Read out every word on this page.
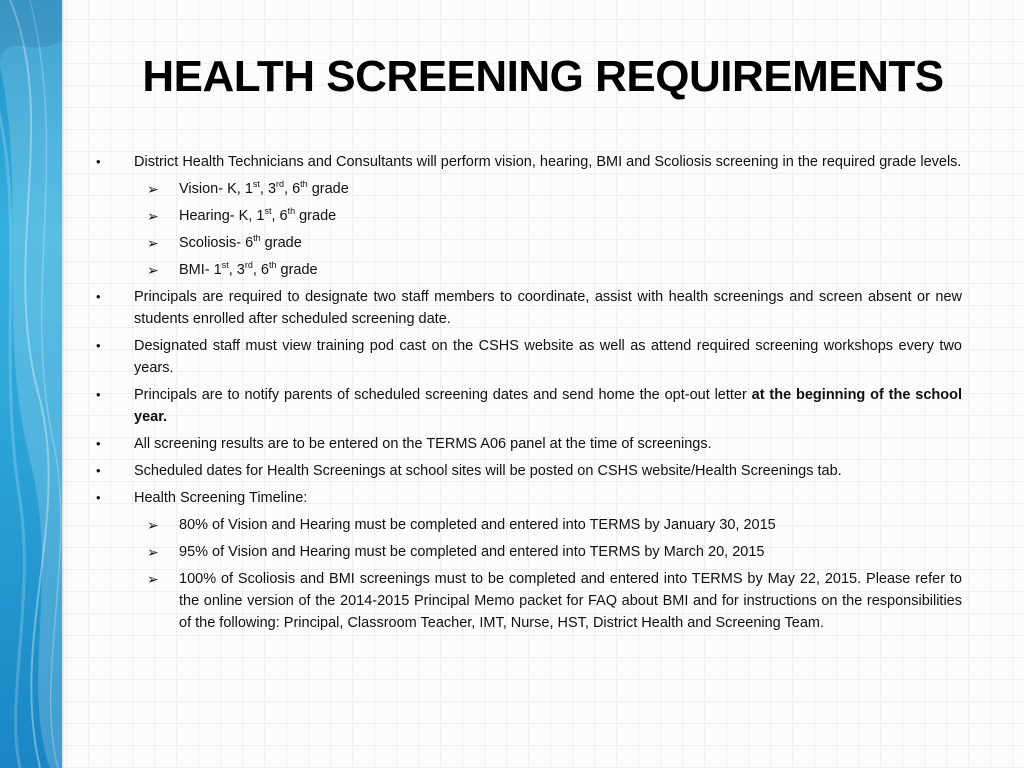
HEALTH SCREENING REQUIREMENTS
• District Health Technicians and Consultants will perform vision, hearing, BMI and Scoliosis screening in the required grade levels.
➢ Vision- K, 1st, 3rd, 6th grade
➢ Hearing- K, 1st, 6th grade
➢ Scoliosis- 6th grade
➢ BMI- 1st, 3rd, 6th grade
• Principals are required to designate two staff members to coordinate, assist with health screenings and screen absent or new students enrolled after scheduled screening date.
• Designated staff must view training pod cast on the CSHS website as well as attend required screening workshops every two years.
• Principals are to notify parents of scheduled screening dates and send home the opt-out letter at the beginning of the school year.
• All screening results are to be entered on the TERMS A06 panel at the time of screenings.
• Scheduled dates for Health Screenings at school sites will be posted on CSHS website/Health Screenings tab.
• Health Screening Timeline:
➢ 80% of Vision and Hearing must be completed and entered into TERMS by January 30, 2015
➢ 95% of Vision and Hearing must be completed and entered into TERMS by March 20, 2015
➢ 100% of Scoliosis and BMI screenings must to be completed and entered into TERMS by May 22, 2015. Please refer to the online version of the 2014-2015 Principal Memo packet for FAQ about BMI and for instructions on the responsibilities of the following: Principal, Classroom Teacher, IMT, Nurse, HST, District Health and Screening Team.
